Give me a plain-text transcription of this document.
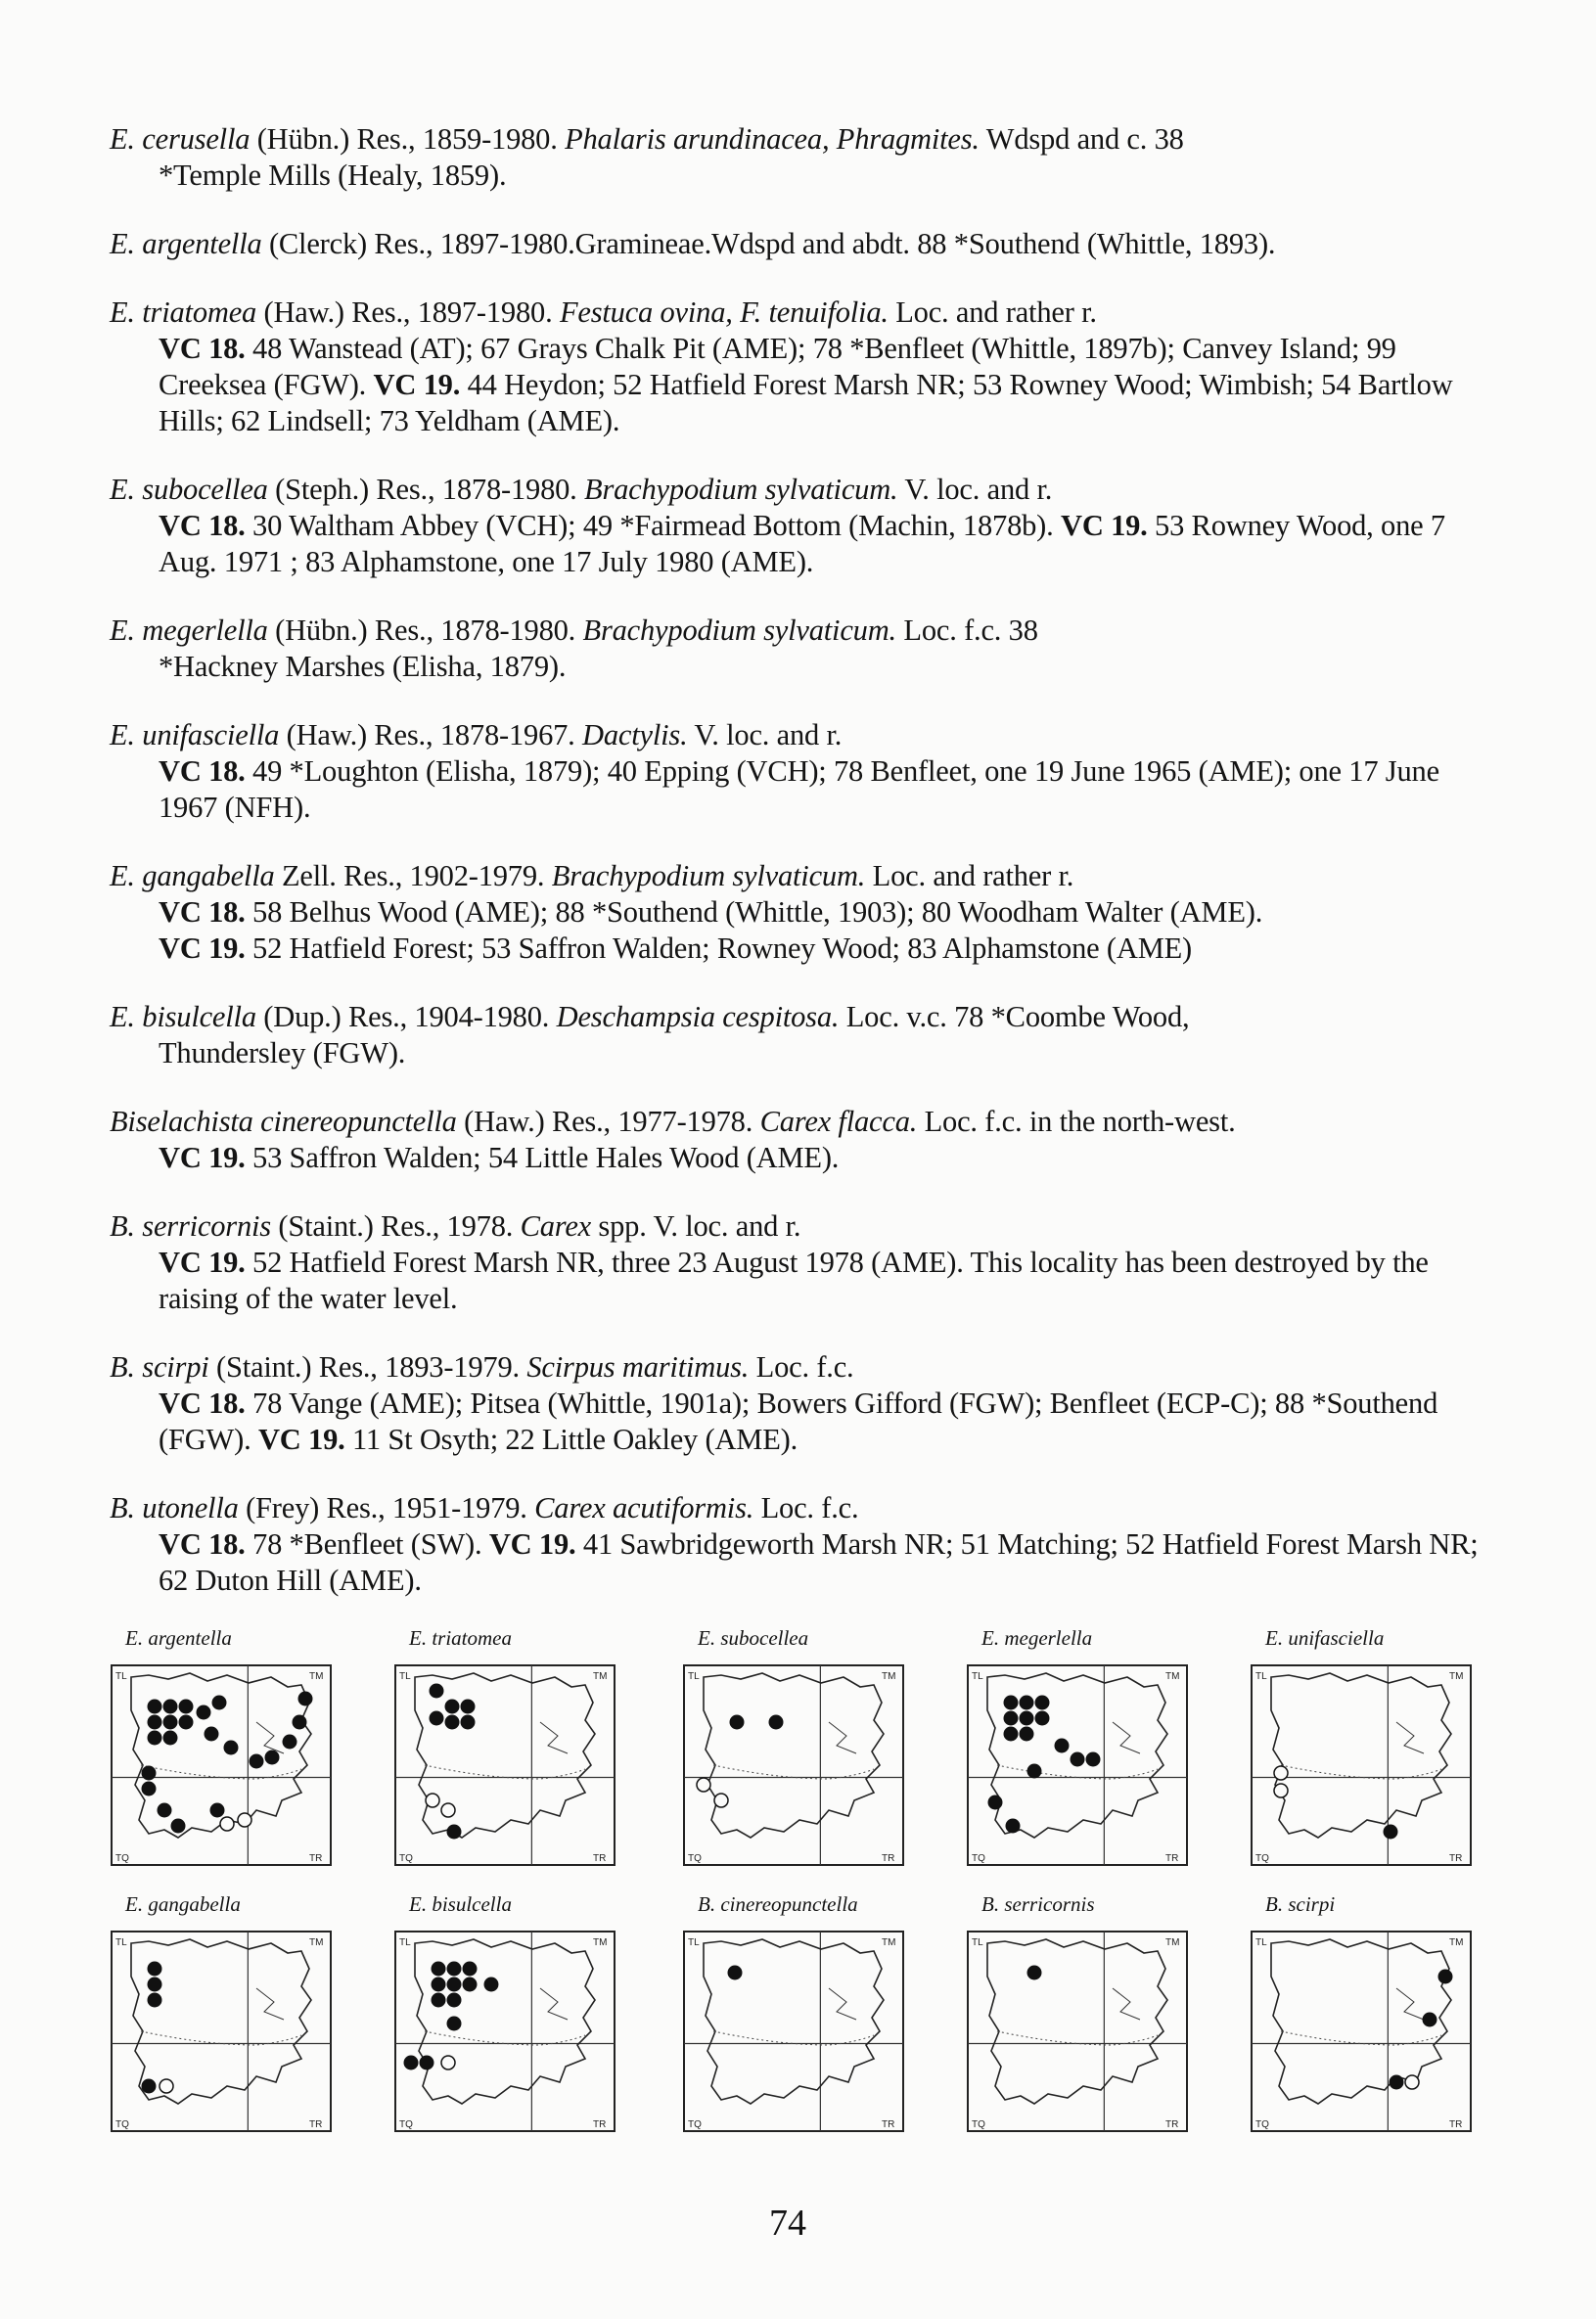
E. cerusella (Hübn.) Res., 1859-1980. Phalaris arundinacea, Phragmites. Wdspd and c. 38

*Temple Mills (Healy, 1859).

E. argentella (Clerck) Res., 1897-1980.Gramineae.Wdspd and abdt. 88 *Southend (Whittle, 1893).

E. triatomea (Haw.) Res., 1897-1980. Festuca ovina, F. tenuifolia. Loc. and rather r.

VC 18. 48 Wanstead (AT); 67 Grays Chalk Pit (AME); 78 *Benfleet (Whittle, 1897b); Canvey Island; 99 Creeksea (FGW). VC 19. 44 Heydon; 52 Hatfield Forest Marsh NR; 53 Rowney Wood; Wimbish; 54 Bartlow Hills; 62 Lindsell; 73 Yeldham (AME).

E. subocellea (Steph.) Res., 1878-1980. Brachypodium sylvaticum. V. loc. and r.

VC 18. 30 Waltham Abbey (VCH); 49 *Fairmead Bottom (Machin, 1878b). VC 19. 53 Rowney Wood, one 7 Aug. 1971 ; 83 Alphamstone, one 17 July 1980 (AME).

E. megerlella (Hübn.) Res., 1878-1980. Brachypodium sylvaticum. Loc. f.c. 38

*Hackney Marshes (Elisha, 1879).

E. unifasciella (Haw.) Res., 1878-1967. Dactylis. V. loc. and r.

VC 18. 49 *Loughton (Elisha, 1879); 40 Epping (VCH); 78 Benfleet, one 19 June 1965 (AME); one 17 June 1967 (NFH).

E. gangabella Zell. Res., 1902-1979. Brachypodium sylvaticum. Loc. and rather r.

VC 18. 58 Belhus Wood (AME); 88 *Southend (Whittle, 1903); 80 Woodham Walter (AME).

VC 19. 52 Hatfield Forest; 53 Saffron Walden; Rowney Wood; 83 Alphamstone (AME)

E. bisulcella (Dup.) Res., 1904-1980. Deschampsia cespitosa. Loc. v.c. 78 *Coombe Wood,

Thundersley (FGW).

Biselachista cinereopunctella (Haw.) Res., 1977-1978. Carex flacca. Loc. f.c. in the north-west.

VC 19. 53 Saffron Walden; 54 Little Hales Wood (AME).

B. serricornis (Staint.) Res., 1978. Carex spp. V. loc. and r.

VC 19. 52 Hatfield Forest Marsh NR, three 23 August 1978 (AME). This locality has been destroyed by the raising of the water level.

B. scirpi (Staint.) Res., 1893-1979. Scirpus maritimus. Loc. f.c.

VC 18. 78 Vange (AME); Pitsea (Whittle, 1901a); Bowers Gifford (FGW); Benfleet (ECP-C); 88 *Southend (FGW). VC 19. 11 St Osyth; 22 Little Oakley (AME).

B. utonella (Frey) Res., 1951-1979. Carex acutiformis. Loc. f.c.

VC 18. 78 *Benfleet (SW). VC 19. 41 Sawbridgeworth Marsh NR; 51 Matching; 52 Hatfield Forest Marsh NR; 62 Duton Hill (AME).

E. argentella
TL	TM
TQ	TR
E. triatomea
TL	TM
TQ	TR
E. subocellea
TL	TM
TQ	TR
E. megerlella
TL	TM
TQ	TR
E. unifasciella
TL	TM
TQ	TR
E. gangabella
TL	TM
TQ	TR
E. bisulcella
TL	TM
TQ	TR
B. cinereopunctella
TL	TM
TQ	TR
B. serricornis
TL	TM
TQ	TR
B. scirpi
TL	TM
TQ	TR
74
